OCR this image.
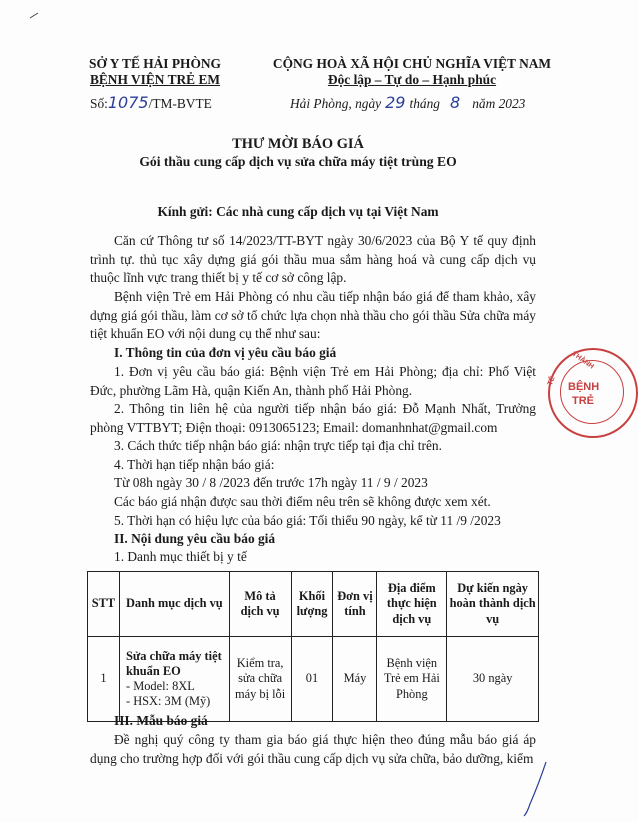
SỞ Y TẾ HẢI PHÒNG
BỆNH VIỆN TRẺ EM
Số:1075/TM-BVTE
CỘNG HOÀ XÃ HỘI CHỦ NGHĨA VIỆT NAM
Độc lập – Tự do – Hạnh phúc
Hải Phòng, ngày 29 tháng 8 năm 2023
THƯ MỜI BÁO GIÁ
Gói thầu cung cấp dịch vụ sửa chữa máy tiệt trùng EO
Kính gửi: Các nhà cung cấp dịch vụ tại Việt Nam
Căn cứ Thông tư số 14/2023/TT-BYT ngày 30/6/2023 của Bộ Y tế quy định trình tự. thủ tục xây dựng giá gói thầu mua sắm hàng hoá và cung cấp dịch vụ thuộc lĩnh vực trang thiết bị y tế cơ sở công lập.
Bệnh viện Trẻ em Hải Phòng có nhu cầu tiếp nhận báo giá để tham khảo, xây dựng giá gói thầu, làm cơ sở tổ chức lựa chọn nhà thầu cho gói thầu Sửa chữa máy tiệt khuẩn EO với nội dung cụ thể như sau:
I. Thông tin của đơn vị yêu cầu báo giá
1. Đơn vị yêu cầu báo giá: Bệnh viện Trẻ em Hải Phòng; địa chỉ: Phố Việt Đức, phường Lãm Hà, quận Kiến An, thành phố Hải Phòng.
2. Thông tin liên hệ của người tiếp nhận báo giá: Đỗ Mạnh Nhất, Trưởng phòng VTTBYT; Điện thoại: 0913065123; Email: domanhnhat@gmail.com
3. Cách thức tiếp nhận báo giá: nhận trực tiếp tại địa chỉ trên.
4. Thời hạn tiếp nhận báo giá:
Từ 08h ngày 30 / 8 /2023 đến trước 17h ngày 11 / 9 / 2023
Các báo giá nhận được sau thời điểm nêu trên sẽ không được xem xét.
5. Thời hạn có hiệu lực của báo giá: Tối thiểu 90 ngày, kể từ 11 /9 /2023
II. Nội dung yêu cầu báo giá
1. Danh mục thiết bị y tế
STT	Danh mục dịch vụ	Mô tả dịch vụ	Khối lượng	Đơn vị tính	Địa điểm thực hiện dịch vụ	Dự kiến ngày hoàn thành dịch vụ
1	Sửa chữa máy tiệt khuẩn EO
- Model: 8XL
- HSX: 3M (Mỹ)	Kiểm tra, sửa chữa máy bị lỗi	01	Máy	Bệnh viện Trẻ em Hải Phòng	30 ngày
III. Mẫu báo giá
Đề nghị quý công ty tham gia báo giá thực hiện theo đúng mẫu báo giá áp dụng cho trường hợp đối với gói thầu cung cấp dịch vụ sửa chữa, bảo dưỡng, kiểm
THÀNH
BỆNH
TRẺ
TẾ
